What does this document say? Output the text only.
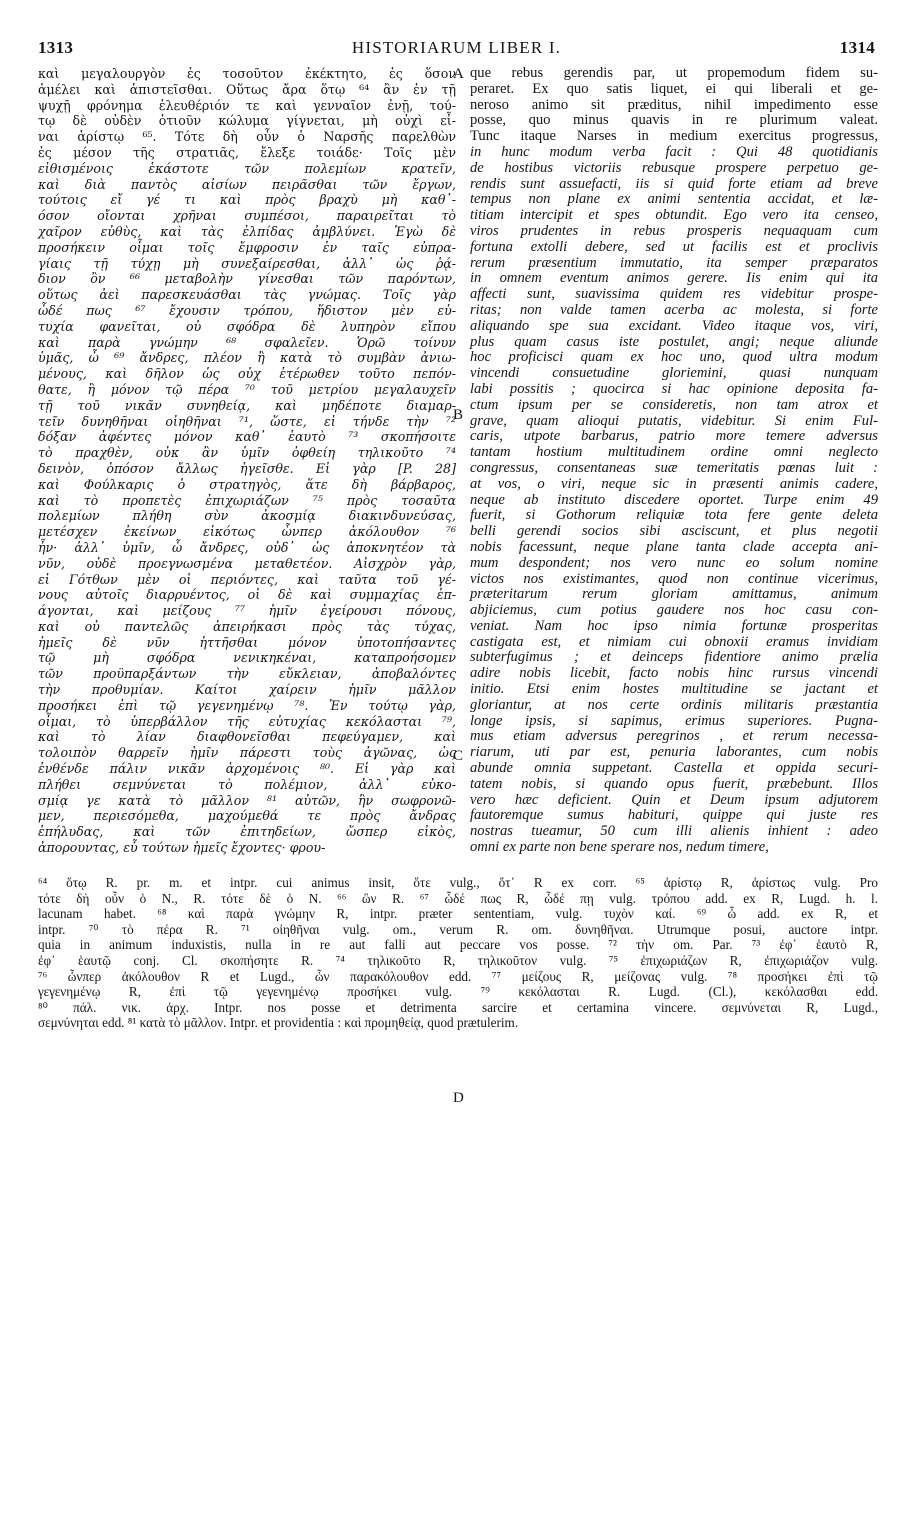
1313	HISTORIARUM LIBER I.	1314
καὶ μεγαλουργὸν ἐς τοσοῦτον ἐκέκτητο, ἐς ὅσον
ἀμέλει καὶ ἀπιστεῖσθαι. Οὕτως ἄρα ὅτῳ ⁶⁴ ἂν ἐν τῇ
ψυχῇ φρόνημα ἐλευθέριόν τε καὶ γενναῖον ἐνῇ, τού-
τῳ δὲ οὐδὲν ὁτιοῦν κώλυμα γίγνεται, μὴ οὐχὶ εἶ-
ναι ἀρίστῳ ⁶⁵. Τότε δὴ οὖν ὁ Ναρσῆς παρελθὼν
ἐς μέσον τῆς στρατιᾶς, ἔλεξε τοιάδε· Τοῖς μὲν
εἰθισμένοις ἑκάστοτε τῶν πολεμίων κρατεῖν,
καὶ διὰ παντὸς αἰσίων πειρᾶσθαι τῶν ἔργων,
τούτοις εἴ γέ τι καὶ πρὸς βραχὺ μὴ καθ᾽-
όσον οἴονται χρῆναι συμπέσοι, παραιρεῖται τὸ
χαῖρον εὐθὺς, καὶ τὰς ἐλπίδας ἀμβλύνει. Ἐγὼ δὲ
προσήκειν οἶμαι τοῖς ἔμφροσιν ἐν ταῖς εὐπρα-
γίαις τῇ τύχῃ μὴ συνεξαίρεσθαι, ἀλλ᾽ ὡς ῥᾴ-
διον ὂν ⁶⁶ μεταβολὴν γίνεσθαι τῶν παρόντων,
οὕτως ἀεὶ παρεσκευάσθαι τὰς γνώμας. Τοῖς γὰρ
ὧδέ πως ⁶⁷ ἔχουσιν τρόπου, ἥδιστον μὲν εὐ-
τυχία φανεῖται, οὐ σφόδρα δὲ λυπηρὸν εἴπου
καὶ παρὰ γνώμην ⁶⁸ σφαλεῖεν. Ὁρῶ τοίνυν
ὑμᾶς, ὦ ⁶⁹ ἄνδρες, πλέον ἢ κατὰ τὸ συμβὰν ἀνιω-
μένους, καὶ δῆλον ὡς οὐχ ἑτέρωθεν τοῦτο πεπόν-
θατε, ἢ μόνον τῷ πέρα ⁷⁰ τοῦ μετρίου μεγαλαυχεῖν
τῇ τοῦ νικᾶν συνηθείᾳ, καὶ μηδέποτε διαμαρ-
τεῖν δυνηθῆναι οἰηθῆναι ⁷¹, ὥστε, εἰ τήνδε τὴν ⁷²
δόξαν ἀφέντες μόνον καθ᾽ ἑαυτὸ ⁷³ σκοπήσοιτε
τὸ πραχθὲν, οὐκ ἂν ὑμῖν ὀφθείη τηλικοῦτο ⁷⁴
δεινὸν, ὁπόσον ἄλλως ἡγεῖσθε. Εἰ γὰρ [P. 28]
καὶ Φούλκαρις ὁ στρατηγὸς, ἅτε δὴ βάρβαρος,
καὶ τὸ προπετὲς ἐπιχωριάζων ⁷⁵ πρὸς τοσαῦτα
πολεμίων πλήθη σὺν ἀκοσμίᾳ διακινδυνεύσας,
μετέσχεν ἐκείνων εἰκότως ὧνπερ ἀκόλουθον ⁷⁶
ἦν· ἀλλ᾽ ὑμῖν, ὦ ἄνδρες, οὐδ᾽ ὡς ἀποκνητέον τὰ
νῦν, οὐδὲ προεγνωσμένα μεταθετέον. Αἰσχρὸν γὰρ,
εἰ Γότθων μὲν οἱ περιόντες, καὶ ταῦτα τοῦ γέ-
νους αὐτοῖς διαρρυέντος, οἱ δὲ καὶ συμμαχίας ἐπ-
άγονται, καὶ μείζους ⁷⁷ ἡμῖν ἐγείρουσι πόνους,
καὶ οὐ παντελῶς ἀπειρήκασι πρὸς τὰς τύχας,
ἡμεῖς δὲ νῦν ἡττῆσθαι μόνον ὑποτοπήσαντες
τῷ μὴ σφόδρα νενικηκέναι, καταπροήσομεν
τῶν προϋπαρξάντων τὴν εὔκλειαν, ἀποβαλόντες
τὴν προθυμίαν. Καίτοι χαίρειν ἡμῖν μᾶλλον
προσήκει ἐπὶ τῷ γεγενημένῳ ⁷⁸. Ἐν τούτῳ γὰρ,
οἶμαι, τὸ ὑπερβάλλον τῆς εὐτυχίας κεκόλασται ⁷⁹,
καὶ τὸ λίαν διαφθονεῖσθαι πεφεύγαμεν, καὶ
τολοιπὸν θαρρεῖν ἡμῖν πάρεστι τοὺς ἀγῶνας, ὡς
ἐνθένδε πάλιν νικᾶν ἀρχομένοις ⁸⁰. Εἰ γὰρ καὶ
πλήθει σεμνύνεται τὸ πολέμιον, ἀλλ᾽ εὐκο-
σμίᾳ γε κατὰ τὸ μᾶλλον ⁸¹ αὐτῶν, ἢν σωφρονῶ-
μεν, περιεσόμεθα, μαχούμεθά τε πρὸς ἄνδρας
ἐπήλυδας, καὶ τῶν ἐπιτηδείων, ὥσπερ εἰκὸς,
ἀπορουντας, εὖ τούτων ἡμεῖς ἔχοντες· φρου-
A
B
C
D
que rebus gerendis par, ut propemodum fidem su-
peraret. Ex quo satis liquet, ei qui liberali et ge-
neroso animo sit præditus, nihil impedimento esse
posse, quo minus quavis in re plurimum valeat.
Tunc itaque Narses in medium exercitus progressus,
in hunc modum verba facit : Qui 48 quotidianis
de hostibus victoriis rebusque prospere perpetuo ge-
rendis sunt assuefacti, iis si quid forte etiam ad breve
tempus non plane ex animi sententia accidat, et læ-
titiam intercipit et spes obtundit. Ego vero ita censeo,
viros prudentes in rebus prosperis nequaquam cum
fortuna extolli debere, sed ut facilis est et proclivis
rerum præsentium immutatio, ita semper præparatos
in omnem eventum animos gerere. Iis enim qui ita
affecti sunt, suavissima quidem res videbitur prospe-
ritas; non valde tamen acerba ac molesta, si forte
aliquando spe sua excidant. Video itaque vos, viri,
plus quam casus iste postulet, angi; neque aliunde
hoc proficisci quam ex hoc uno, quod ultra modum
vincendi consuetudine gloriemini, quasi nunquam
labi possitis ; quocirca si hac opinione deposita fa-
ctum ipsum per se consideretis, non tam atrox et
grave, quam alioqui putatis, videbitur. Si enim Ful-
caris, utpote barbarus, patrio more temere adversus
tantam hostium multitudinem ordine omni neglecto
congressus, consentaneas suæ temeritatis pœnas luit :
at vos, o viri, neque sic in præsenti animis cadere,
neque ab instituto discedere oportet. Turpe enim 49
fuerit, si Gothorum reliquiæ tota fere gente deleta
belli gerendi socios sibi asciscunt, et plus negotii
nobis facessunt, neque plane tanta clade accepta ani-
mum despondent; nos vero nunc eo solum nomine
victos nos existimantes, quod non continue vicerimus,
præteritarum rerum gloriam amittamus, animum
abjiciemus, cum potius gaudere nos hoc casu con-
veniat. Nam hoc ipso nimia fortunæ prosperitas
castigata est, et nimiam cui obnoxii eramus invidiam
subterfugimus ; et deinceps fidentiore animo prælia
adire nobis licebit, facto nobis hinc rursus vincendi
initio. Etsi enim hostes multitudine se jactant et
gloriantur, at nos certe ordinis militaris præstantia
longe ipsis, si sapimus, erimus superiores. Pugna-
mus etiam adversus peregrinos , et rerum necessa-
riarum, uti par est, penuria laborantes, cum nobis
abunde omnia suppetant. Castella et oppida securi-
tatem nobis, si quando opus fuerit, præbebunt. Illos
vero hæc deficient. Quin et Deum ipsum adjutorem
fautoremque sumus habituri, quippe qui juste res
nostras tueamur, 50 cum illi alienis inhient : adeo
omni ex parte non bene sperare nos, nedum timere,
⁶⁴ ὅτῳ R. pr. m. et intpr. cui animus insit, ὅτε vulg., ὅτ᾽ R ex corr. ⁶⁵ ἀρίστῳ R, ἀρίστως vulg. Pro
τότε δὴ οὖν ὁ N., R. τότε δὲ ὁ N. ⁶⁶ ὢν R. ⁶⁷ ὧδέ πως R, ὧδέ πῃ vulg. τρόπου add. ex R, Lugd. h. l.
lacunam habet. ⁶⁸ καὶ παρὰ γνώμην R, intpr. præter sententiam, vulg. τυχὸν καί. ⁶⁹ ὦ add. ex R, et
intpr. ⁷⁰ τὸ πέρα R. ⁷¹ οἰηθῆναι vulg. om., verum R. om. δυνηθῆναι. Utrumque posui, auctore intpr.
quia in animum induxistis, nulla in re aut falli aut peccare vos posse. ⁷² τὴν om. Par. ⁷³ ἐφ᾽ ἑαυτὸ R,
ἐφ᾽ ἑαυτῷ conj. Cl. σκοπήσητε R. ⁷⁴ τηλικοῦτο R, τηλικοῦτον vulg. ⁷⁵ ἐπιχωριάζων R, ἐπιχωριάζον vulg.
⁷⁶ ὧνπερ ἀκόλουθον R et Lugd., ὧν παρακόλουθον edd. ⁷⁷ μείζους R, μείζονας vulg. ⁷⁸ προσήκει ἐπὶ τῷ
γεγενημένῳ R, ἐπὶ τῷ γεγενημένῳ προσήκει vulg. ⁷⁹ κεκόλασται R. Lugd. (Cl.), κεκόλασθαι edd.
⁸⁰ πάλ. νικ. ἀρχ. Intpr. nos posse et detrimenta sarcire et certamina vincere. σεμνύνεται R, Lugd.,
σεμνύνηται edd. ⁸¹ κατὰ τὸ μᾶλλον. Intpr. et providentia : καὶ προμηθείᾳ, quod prætulerim.
